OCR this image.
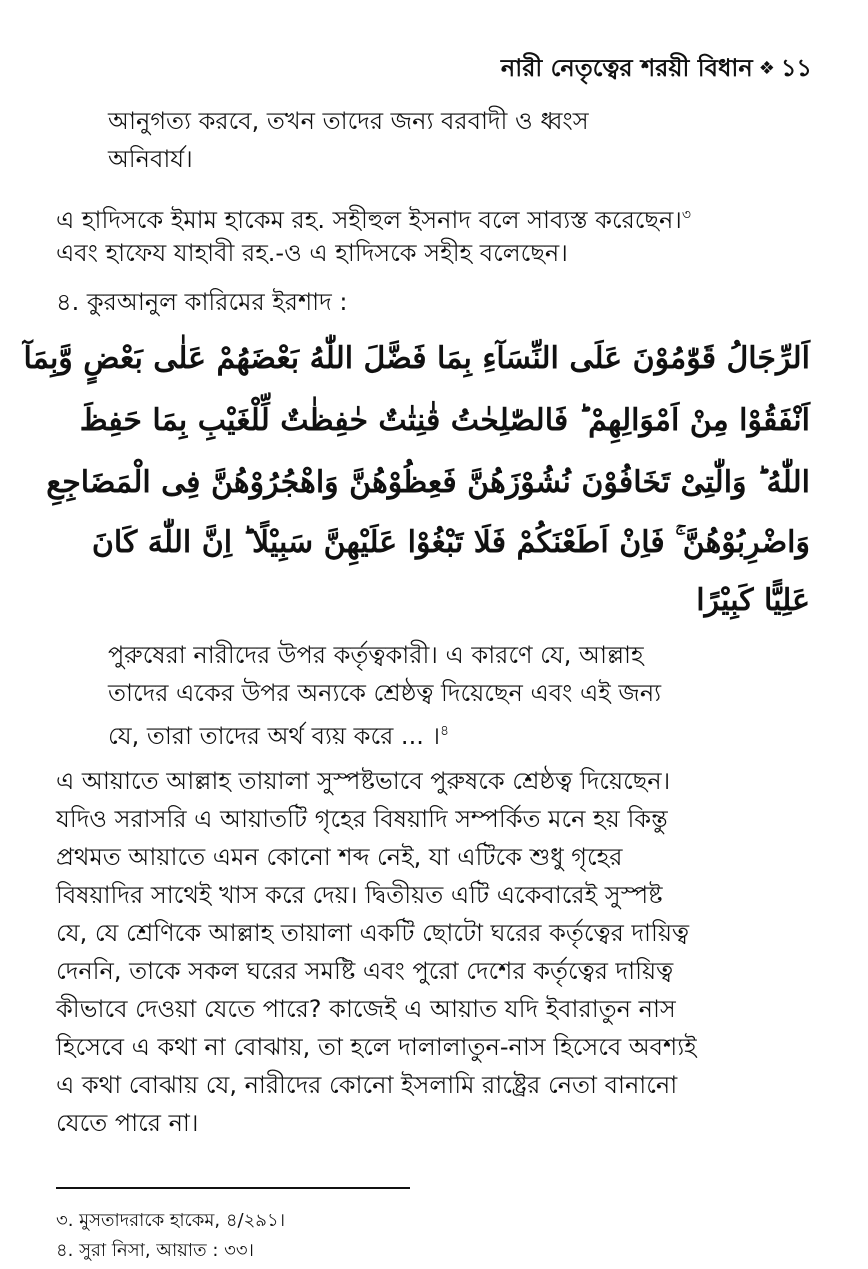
নারী নেতৃত্বের শরয়ী বিধান ❖ ১১
আনুগত্য করবে, তখন তাদের জন্য বরবাদী ও ধ্বংস
অনিবার্য।
এ হাদিসকে ইমাম হাকেম রহ. সহীহুল ইসনাদ বলে সাব্যস্ত করেছেন।$^৩$
এবং হাফেয যাহাবী রহ.-ও এ হাদিসকে সহীহ বলেছেন।
৪. কুরআনুল কারিমের ইরশাদ :
اَلرِّجَالُ قَوّٰمُوْنَ عَلَى النِّسَآءِ بِمَا فَضَّلَ اللّٰهُ بَعْضَهُمْ عَلٰى بَعْضٍ وَّبِمَآ
اَنْفَقُوْا مِنْ اَمْوَالِهِمْ ؕ فَالصّٰلِحٰتُ قٰنِتٰتٌ حٰفِظٰتٌ لِّلْغَيْبِ بِمَا حَفِظَ
اللّٰهُ ؕ وَالّٰتِىْ تَخَافُوْنَ نُشُوْزَهُنَّ فَعِظُوْهُنَّ وَاهْجُرُوْهُنَّ فِى الْمَضَاجِعِ
وَاضْرِبُوْهُنَّ ۚ فَاِنْ اَطَعْنَكُمْ فَلَا تَبْغُوْا عَلَيْهِنَّ سَبِيْلًا ؕ اِنَّ اللّٰهَ كَانَ
عَلِيًّا كَبِيْرًا
পুরুষেরা নারীদের উপর কর্তৃত্বকারী। এ কারণে যে, আল্লাহ
তাদের একের উপর অন্যকে শ্রেষ্ঠত্ব দিয়েছেন এবং এই জন্য
যে, তারা তাদের অর্থ ব্যয় করে ... ।$^৪$
এ আয়াতে আল্লাহ তায়ালা সুস্পষ্টভাবে পুরুষকে শ্রেষ্ঠত্ব দিয়েছেন।
যদিও সরাসরি এ আয়াতটি গৃহের বিষয়াদি সম্পর্কিত মনে হয় কিন্তু
প্রথমত আয়াতে এমন কোনো শব্দ নেই, যা এটিকে শুধু গৃহের
বিষয়াদির সাথেই খাস করে দেয়। দ্বিতীয়ত এটি একেবারেই সুস্পষ্ট
যে, যে শ্রেণিকে আল্লাহ তায়ালা একটি ছোটো ঘরের কর্তৃত্বের দায়িত্ব
দেননি, তাকে সকল ঘরের সমষ্টি এবং পুরো দেশের কর্তৃত্বের দায়িত্ব
কীভাবে দেওয়া যেতে পারে? কাজেই এ আয়াত যদি ইবারাতুন নাস
হিসেবে এ কথা না বোঝায়, তা হলে দালালাতুন-নাস হিসেবে অবশ্যই
এ কথা বোঝায় যে, নারীদের কোনো ইসলামি রাষ্ট্রের নেতা বানানো
যেতে পারে না।
৩. মুসতাদরাকে হাকেম, ৪/২৯১।
৪. সুরা নিসা, আয়াত : ৩৩।
